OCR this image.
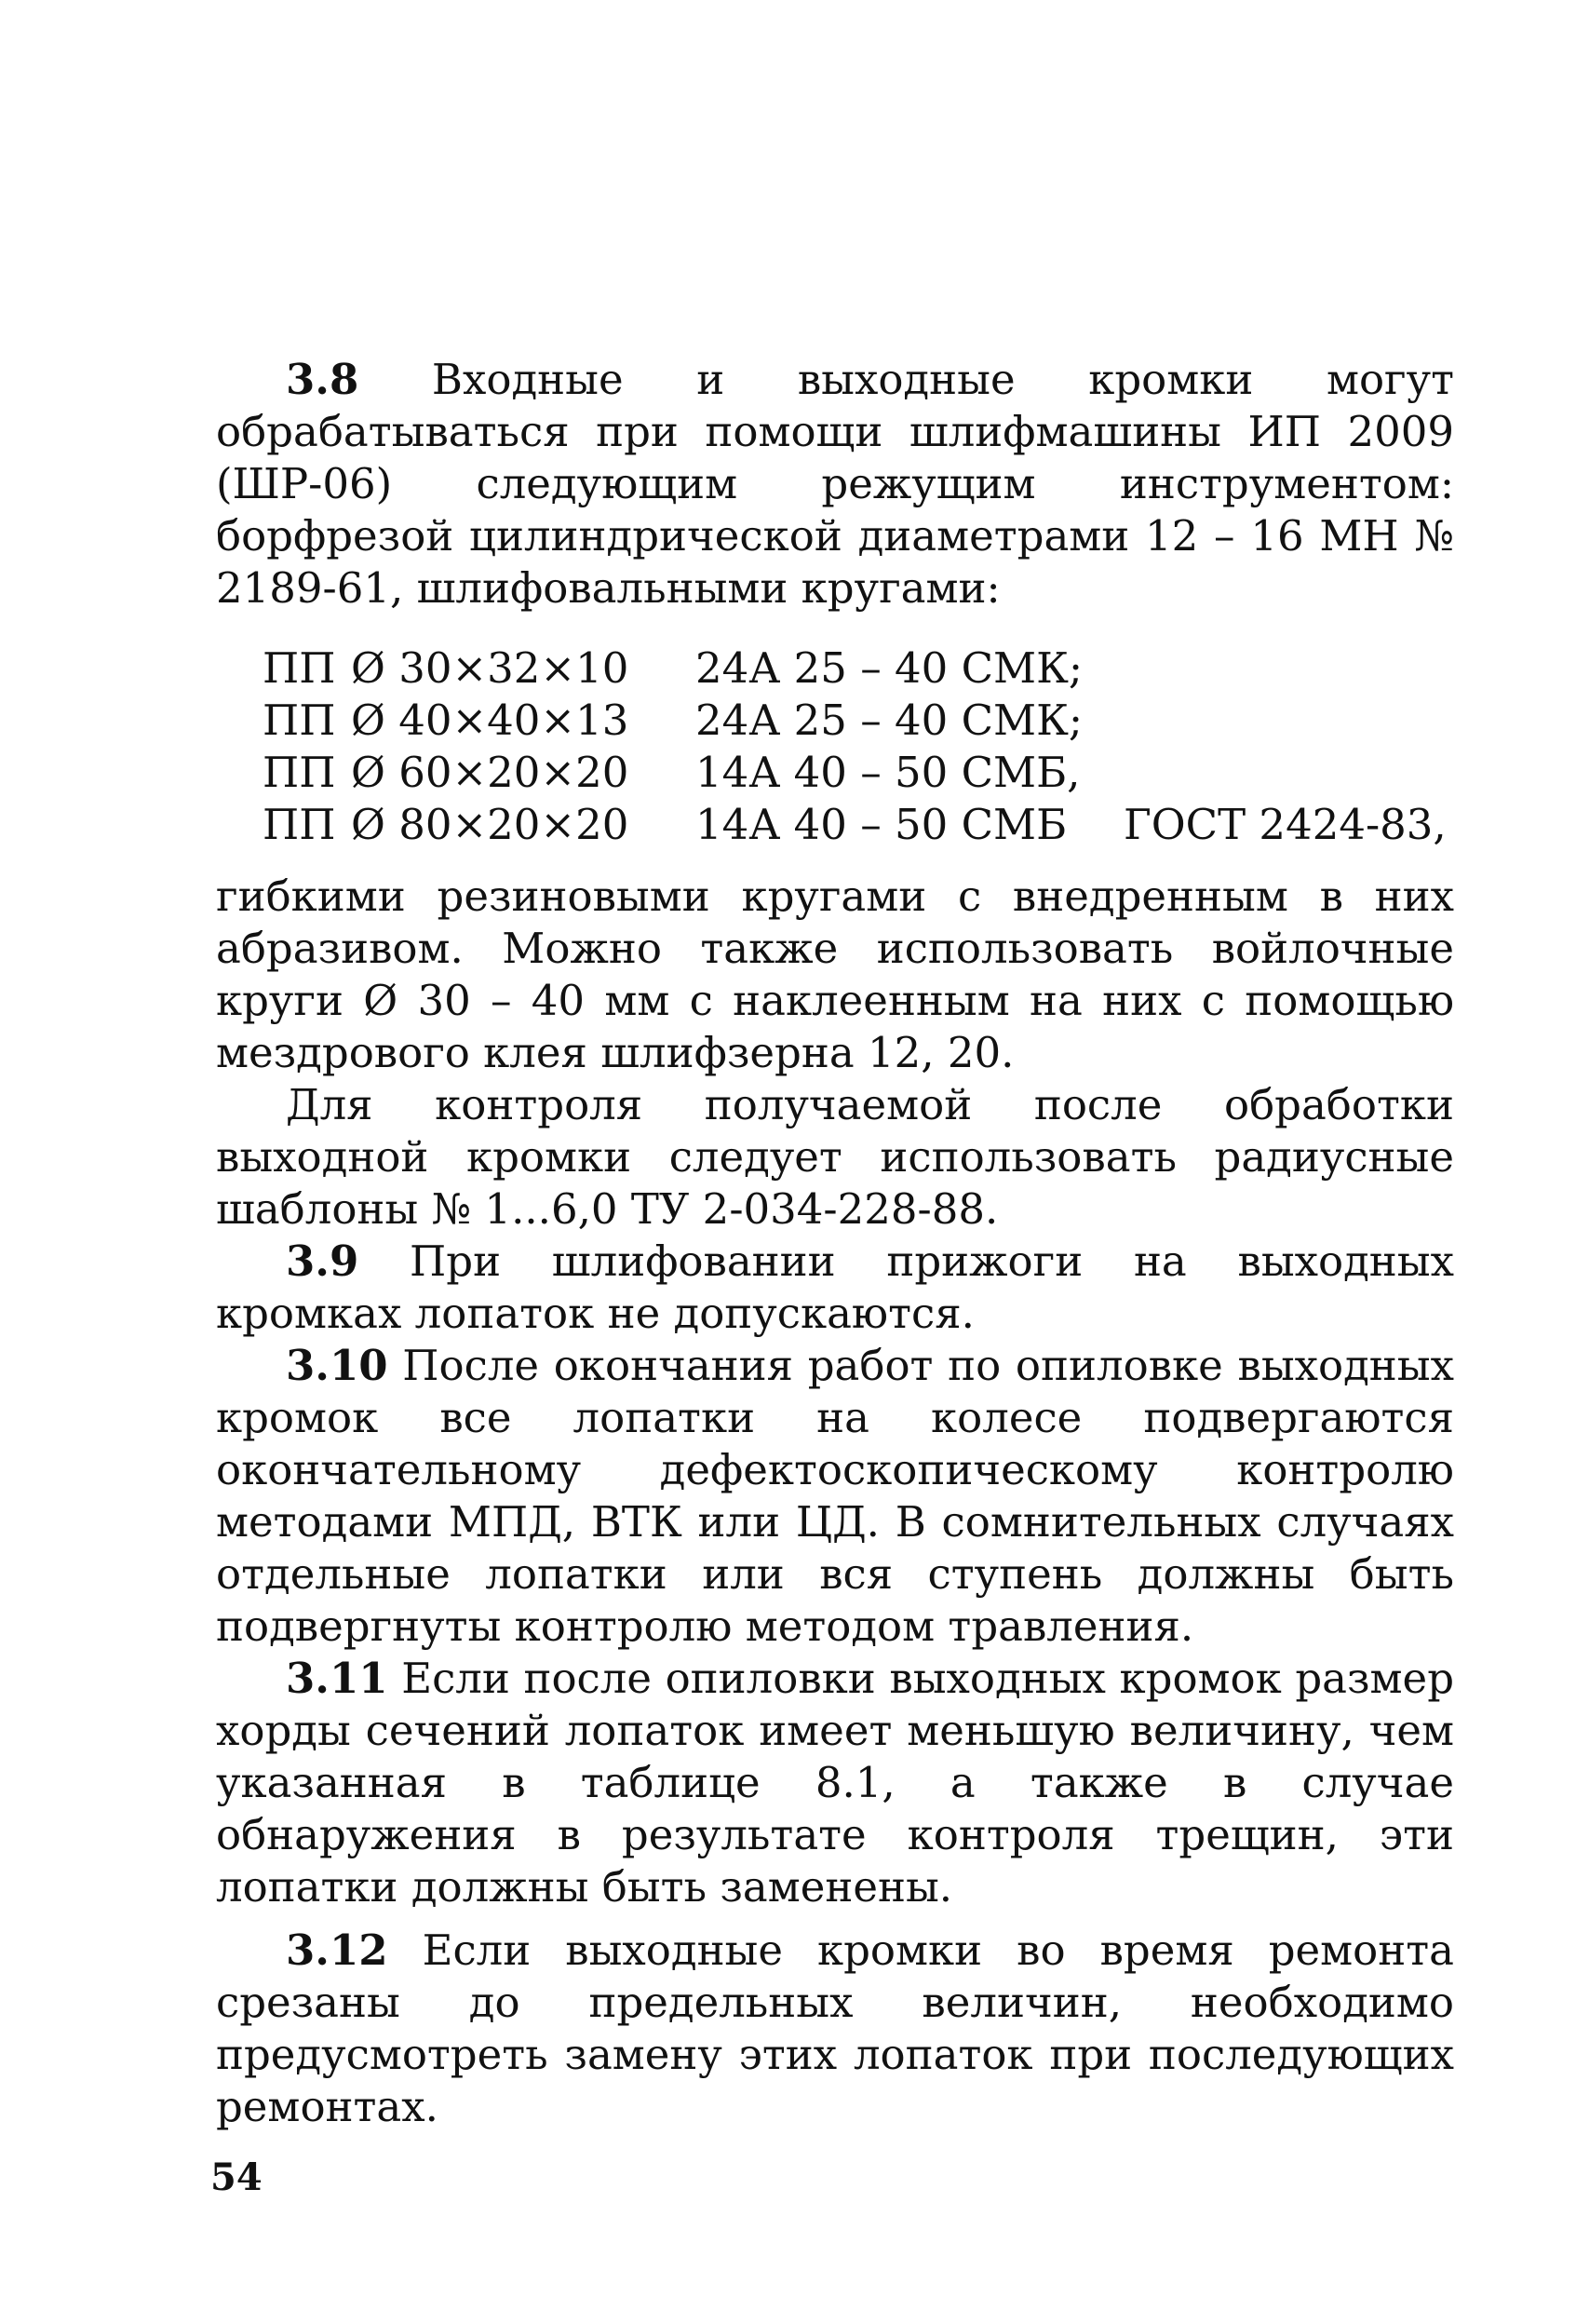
3.8 Входные и выходные кромки могут обрабатываться при помощи шлифмашины ИП 2009 (ШР-06) следующим режущим инструментом: борфрезой цилиндрической диаметрами 12 – 16 МН № 2189-61, шлифовальными кругами:

ПП	Ø 30×32×10	24А 25 – 40 СМК;	
ПП	Ø 40×40×13	24А 25 – 40 СМК;	
ПП	Ø 60×20×20	14А 40 – 50 СМБ,	
ПП	Ø 80×20×20	14А 40 – 50 СМБ	ГОСТ 2424-83,

гибкими резиновыми кругами с внедренным в них абразивом. Можно также использовать войлочные круги Ø 30 – 40 мм с наклеенным на них с помощью мездрового клея шлифзерна 12, 20.

Для контроля получаемой после обработки выходной кромки следует использовать радиусные шаблоны № 1...6,0 ТУ 2-034-228-88.

3.9 При шлифовании прижоги на выходных кромках лопаток не допускаются.

3.10 После окончания работ по опиловке выходных кромок все лопатки на колесе подвергаются окончательному дефектоскопическому контролю методами МПД, ВТК или ЦД. В сомнительных случаях отдельные лопатки или вся ступень должны быть подвергнуты контролю методом травления.

3.11 Если после опиловки выходных кромок размер хорды сечений лопаток имеет меньшую величину, чем указанная в таблице 8.1, а также в случае обнаружения в результате контроля трещин, эти лопатки должны быть заменены.

3.12 Если выходные кромки во время ремонта срезаны до предельных величин, необходимо предусмотреть замену этих лопаток при последующих ремонтах.

54
